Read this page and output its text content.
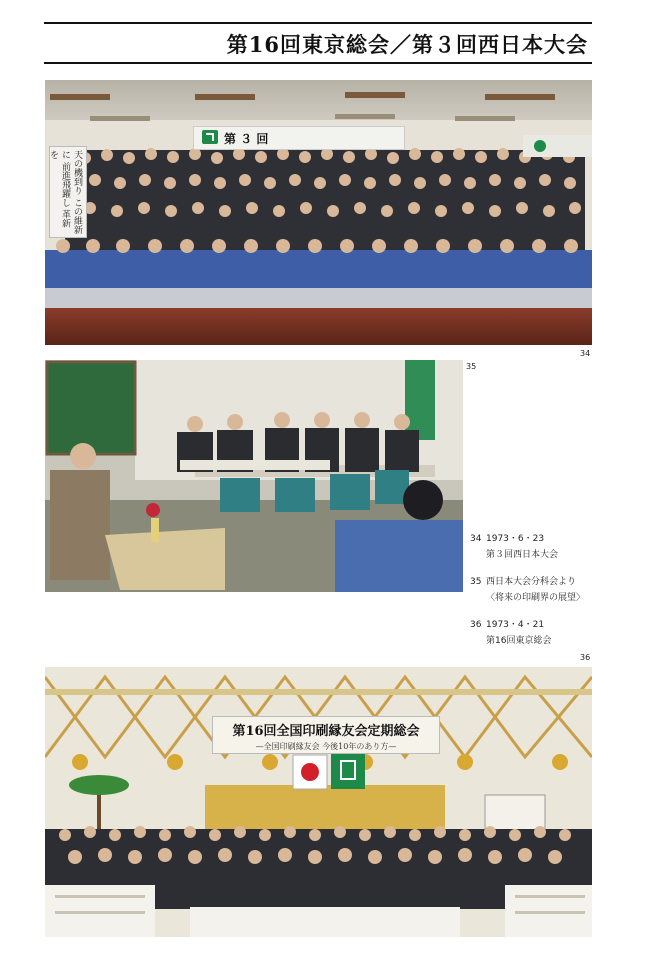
第16回東京総会／第３回西日本大会
第 ３ 回
天の機到り この維新に 前進飛躍し 革新を
34
35
34 1973・6・23
第３回西日本大会
35 西日本大会分科会より
〈将来の印刷界の展望〉
36 1973・4・21
第16回東京総会
第16回全国印刷縁友会定期総会
—全国印刷縁友会 今後10年のあり方—
36
